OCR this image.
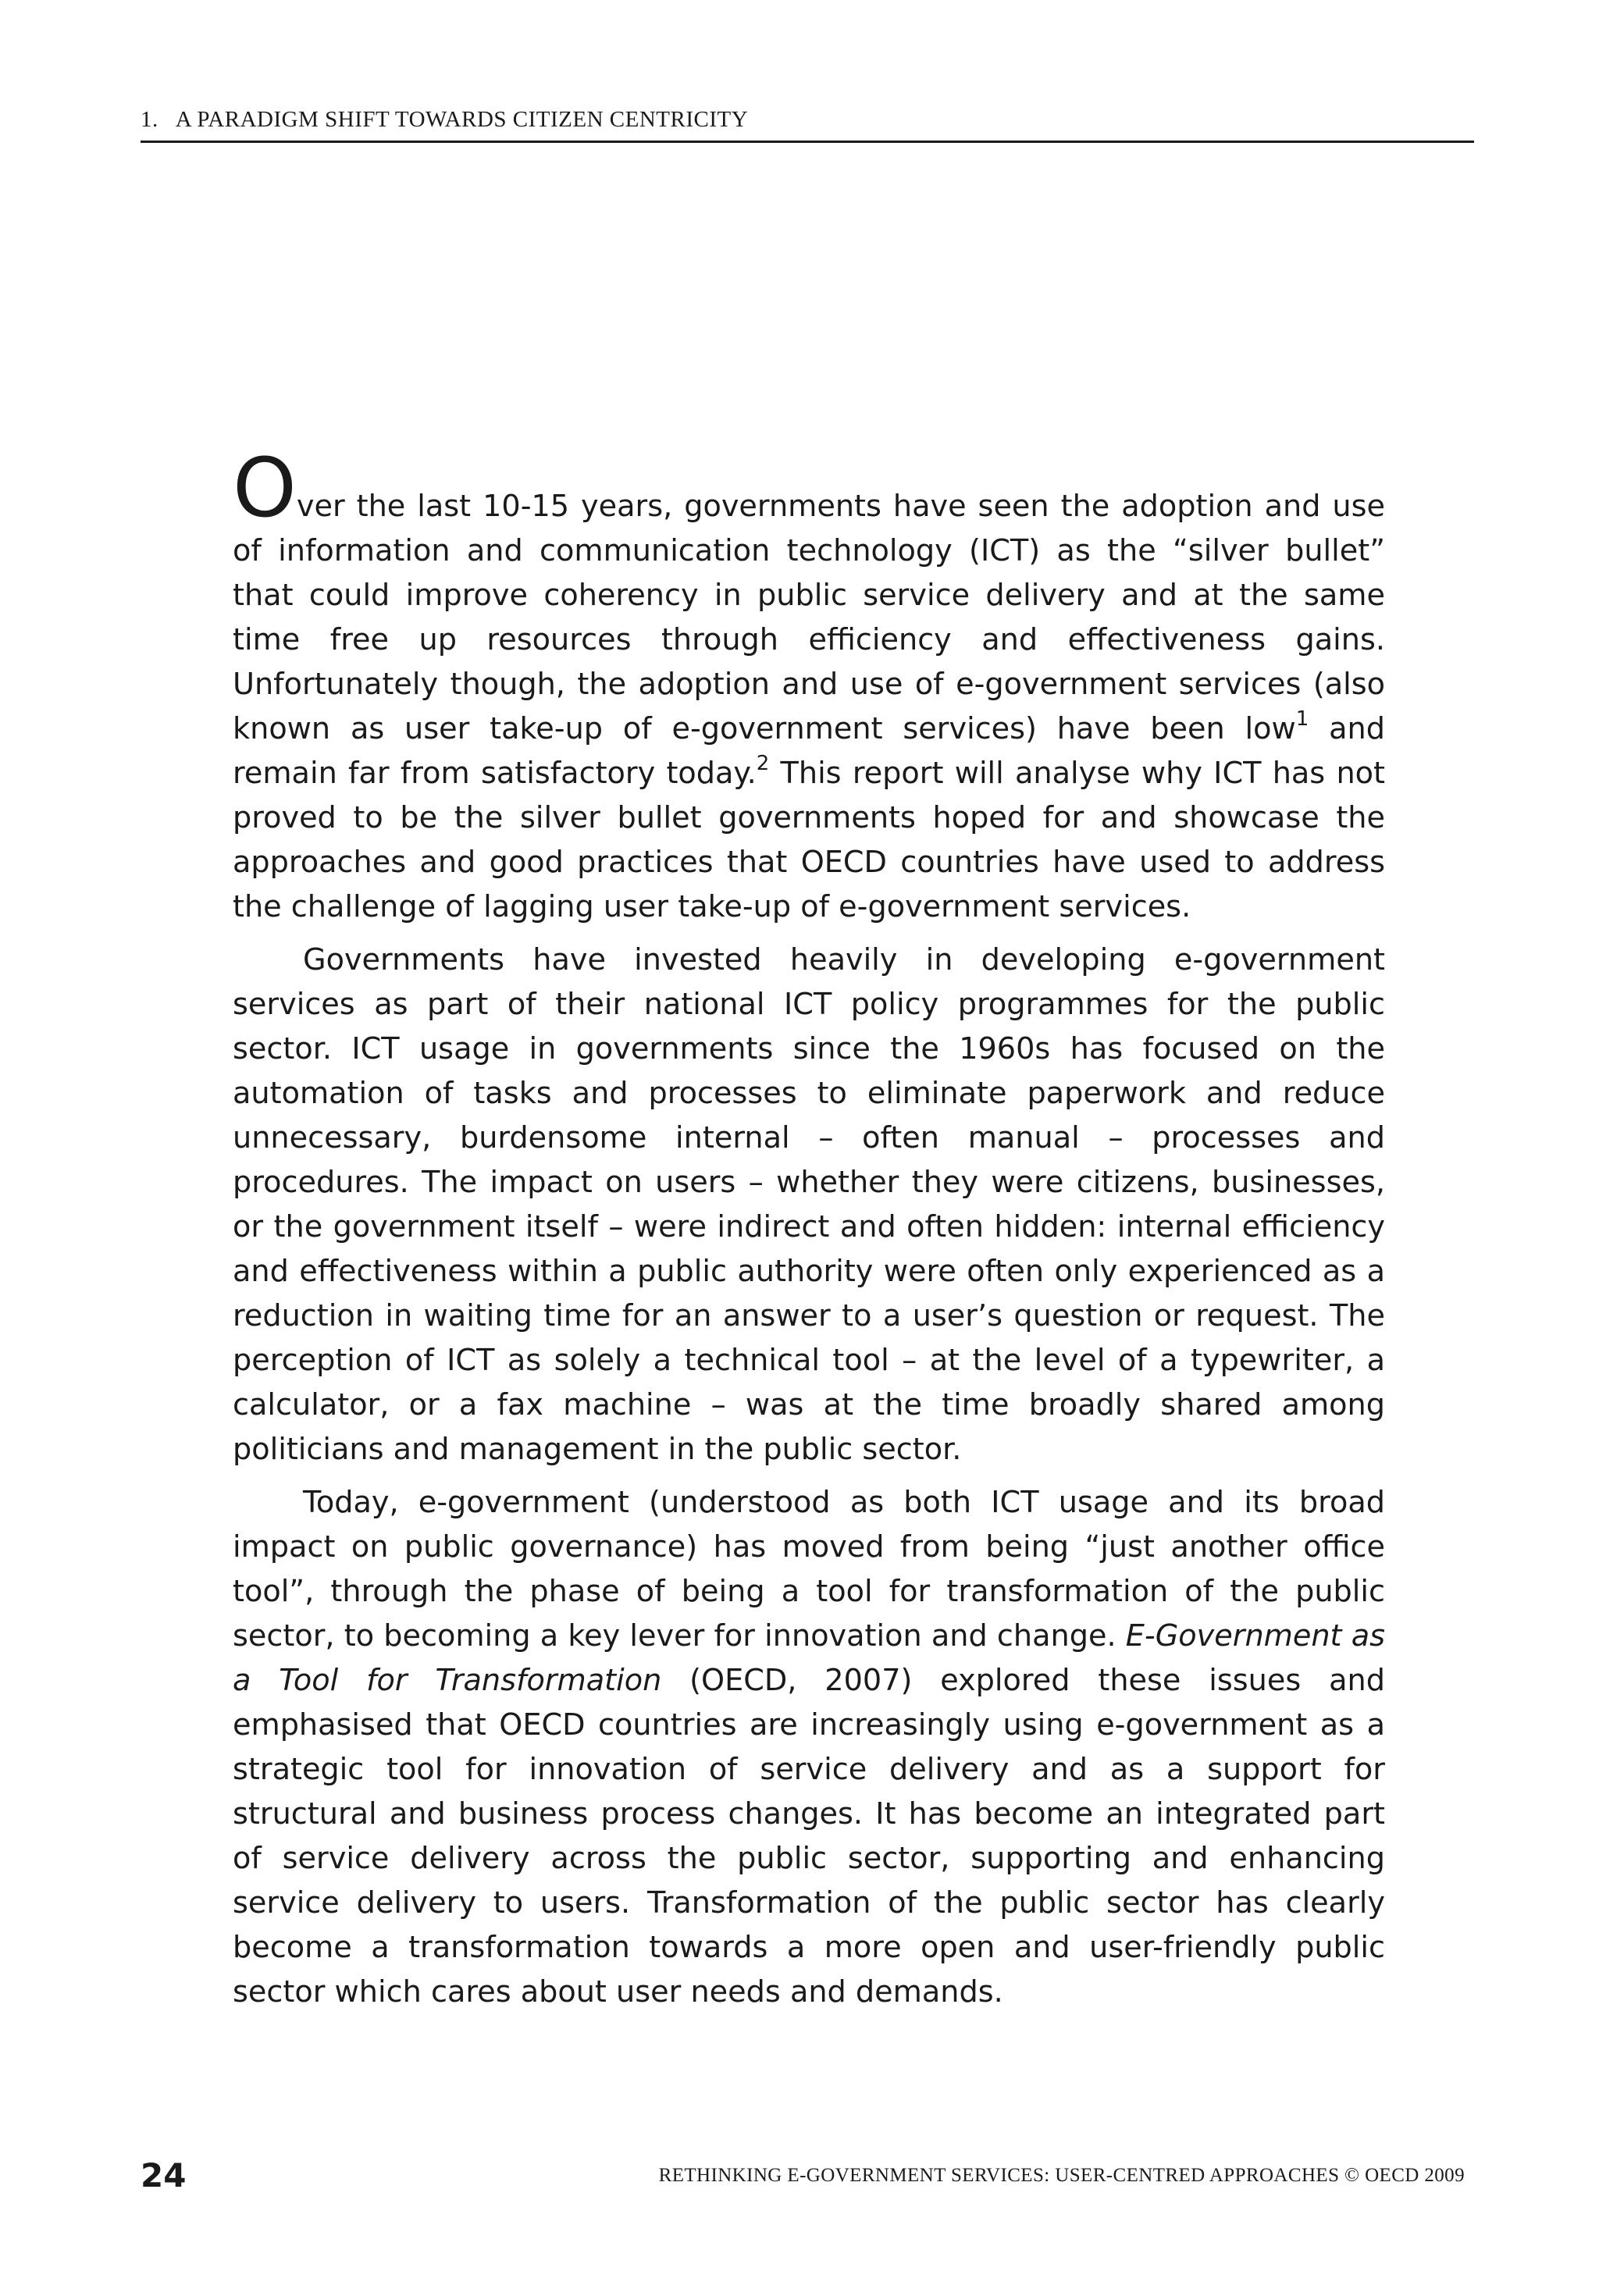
1. A PARADIGM SHIFT TOWARDS CITIZEN CENTRICITY

Over the last 10-15 years, governments have seen the adoption and use of information and communication technology (ICT) as the “silver bullet” that could improve coherency in public service delivery and at the same time free up resources through efficiency and effectiveness gains. Unfortunately though, the adoption and use of e-government services (also known as user take-up of e-government services) have been low$^1$ and remain far from satisfactory today.$^2$ This report will analyse why ICT has not proved to be the silver bullet governments hoped for and showcase the approaches and good practices that OECD countries have used to address the challenge of lagging user take-up of e-government services.

Governments have invested heavily in developing e-government services as part of their national ICT policy programmes for the public sector. ICT usage in governments since the 1960s has focused on the automation of tasks and processes to eliminate paperwork and reduce unnecessary, burdensome internal – often manual – processes and procedures. The impact on users – whether they were citizens, businesses, or the government itself – were indirect and often hidden: internal efficiency and effectiveness within a public authority were often only experienced as a reduction in waiting time for an answer to a user’s question or request. The perception of ICT as solely a technical tool – at the level of a typewriter, a calculator, or a fax machine – was at the time broadly shared among politicians and management in the public sector.

Today, e-government (understood as both ICT usage and its broad impact on public governance) has moved from being “just another office tool”, through the phase of being a tool for transformation of the public sector, to becoming a key lever for innovation and change. E-Government as a Tool for Transformation (OECD, 2007) explored these issues and emphasised that OECD countries are increasingly using e-government as a strategic tool for innovation of service delivery and as a support for structural and business process changes. It has become an integrated part of service delivery across the public sector, supporting and enhancing service delivery to users. Transformation of the public sector has clearly become a transformation towards a more open and user-friendly public sector which cares about user needs and demands.

24	RETHINKING E-GOVERNMENT SERVICES: USER-CENTRED APPROACHES © OECD 2009
